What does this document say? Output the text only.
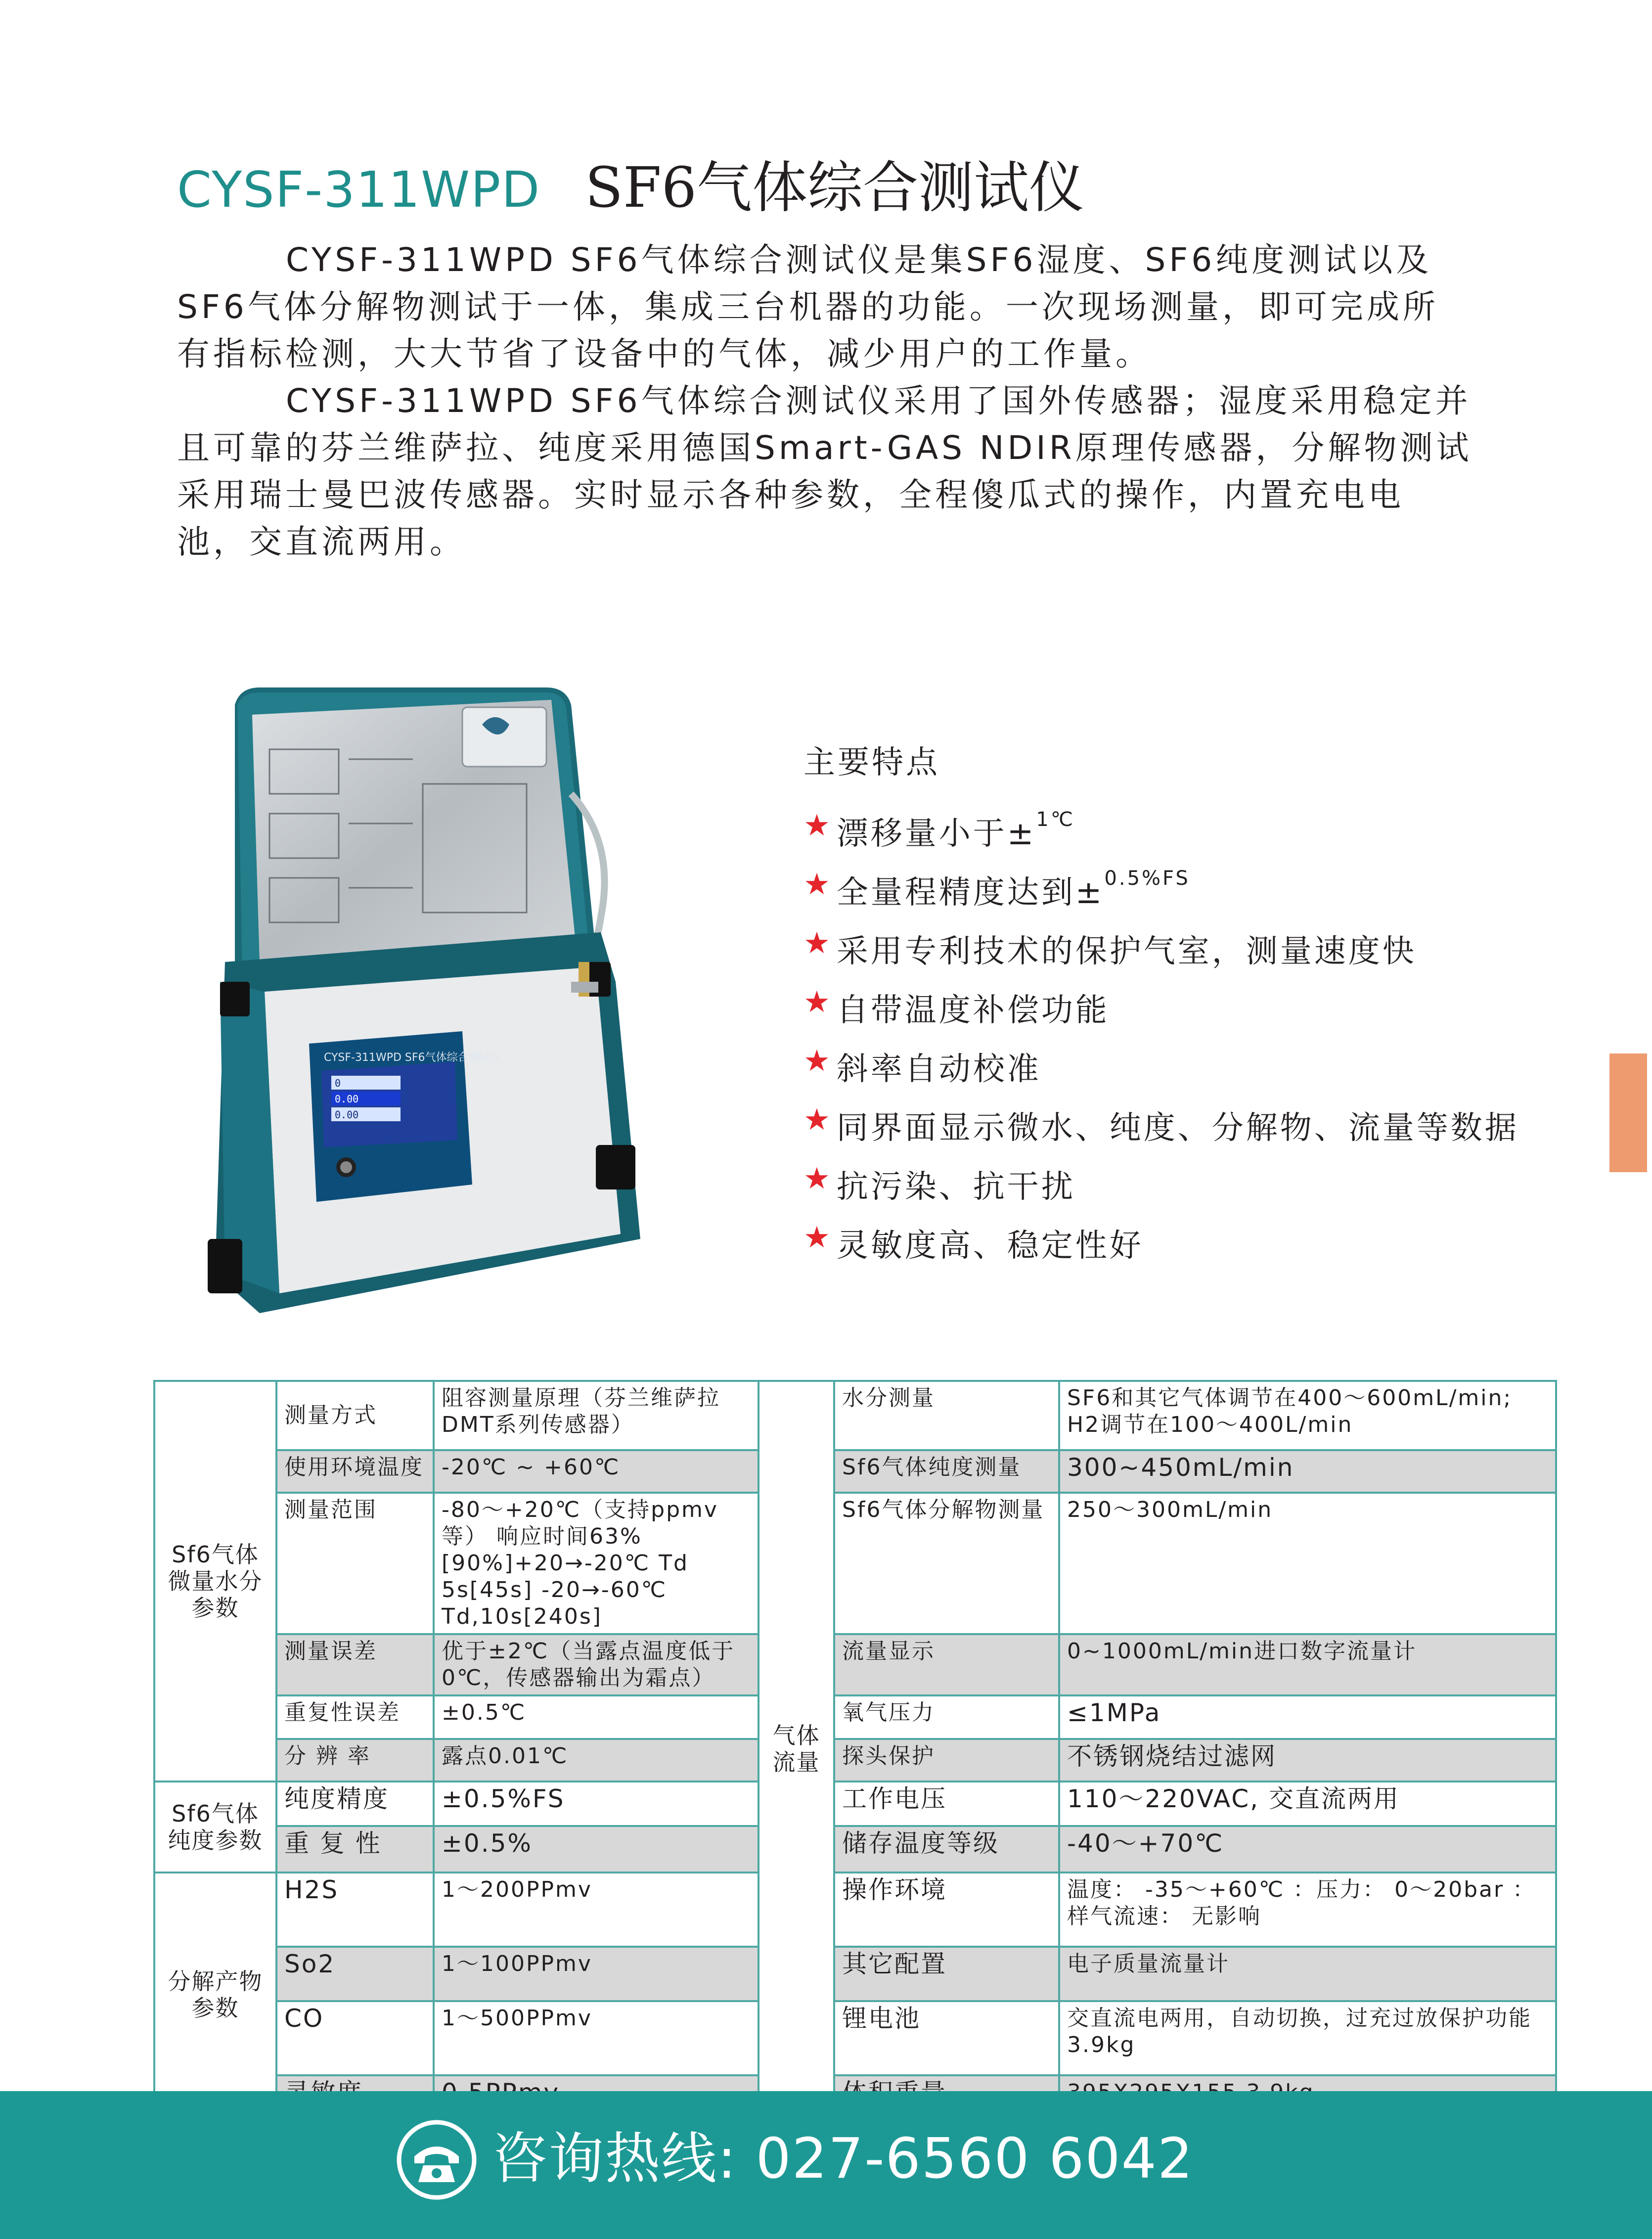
CYSF-311WPD SF6气体综合测试仪

CYSF-311WPD SF6气体综合测试仪是集SF6湿度、SF6纯度测试以及SF6气体分解物测试于一体，集成三台机器的功能。一次现场测量，即可完成所有指标检测，大大节省了设备中的气体，减少用户的工作量。

CYSF-311WPD SF6气体综合测试仪采用了国外传感器；湿度采用稳定并且可靠的芬兰维萨拉、纯度采用德国Smart-GAS NDIR原理传感器，分解物测试采用瑞士曼巴波传感器。实时显示各种参数，全程傻瓜式的操作，内置充电电池，交直流两用。

CYSF-311WPD SF6气体综合测试仪
0
0.00
0.00
主要特点
★ 漂移量小于± 1℃
★ 全量程精度达到± 0.5%FS
★ 采用专利技术的保护气室，测量速度快
★ 自带温度补偿功能
★ 斜率自动校准
★ 同界面显示微水、纯度、分解物、流量等数据
★ 抗污染、抗干扰
★ 灵敏度高、稳定性好
Sf6气体微量水分参数	测量方式	阻容测量原理（芬兰维萨拉DMT系列传感器）	气体流量	水分测量	SF6和其它气体调节在400～600mL/min; H2调节在100～400L/min
	使用环境温度	-20℃ ~ +60℃		Sf6气体纯度测量	300~450mL/min
	测量范围	-80～+20℃（支持ppmv等） 响应时间63%[90%]+20→-20℃ Td 5s[45s] -20→-60℃ Td,10s[240s]		Sf6气体分解物测量	250～300mL/min
	测量误差	优于±2℃（当露点温度低于0℃，传感器输出为霜点）		流量显示	0~1000mL/min进口数字流量计
	重复性误差	±0.5℃		氧气压力	≤1MPa
	分 辨 率	露点0.01℃		探头保护	不锈钢烧结过滤网
Sf6气体纯度参数	纯度精度	±0.5%FS		工作电压	110～220VAC, 交直流两用
	重 复 性	±0.5%		储存温度等级	-40～+70℃
分解产物参数	H2S	1～200PPmv		操作环境	温度： -35～+60℃ ：压力： 0～20bar ：样气流速： 无影响
	So2	1～100PPmv		其它配置	电子质量流量计
	CO	1～500PPmv		锂电池	交直流电两用，自动切换，过充过放保护功能3.9kg

咨询热线: 027-6560 6042
